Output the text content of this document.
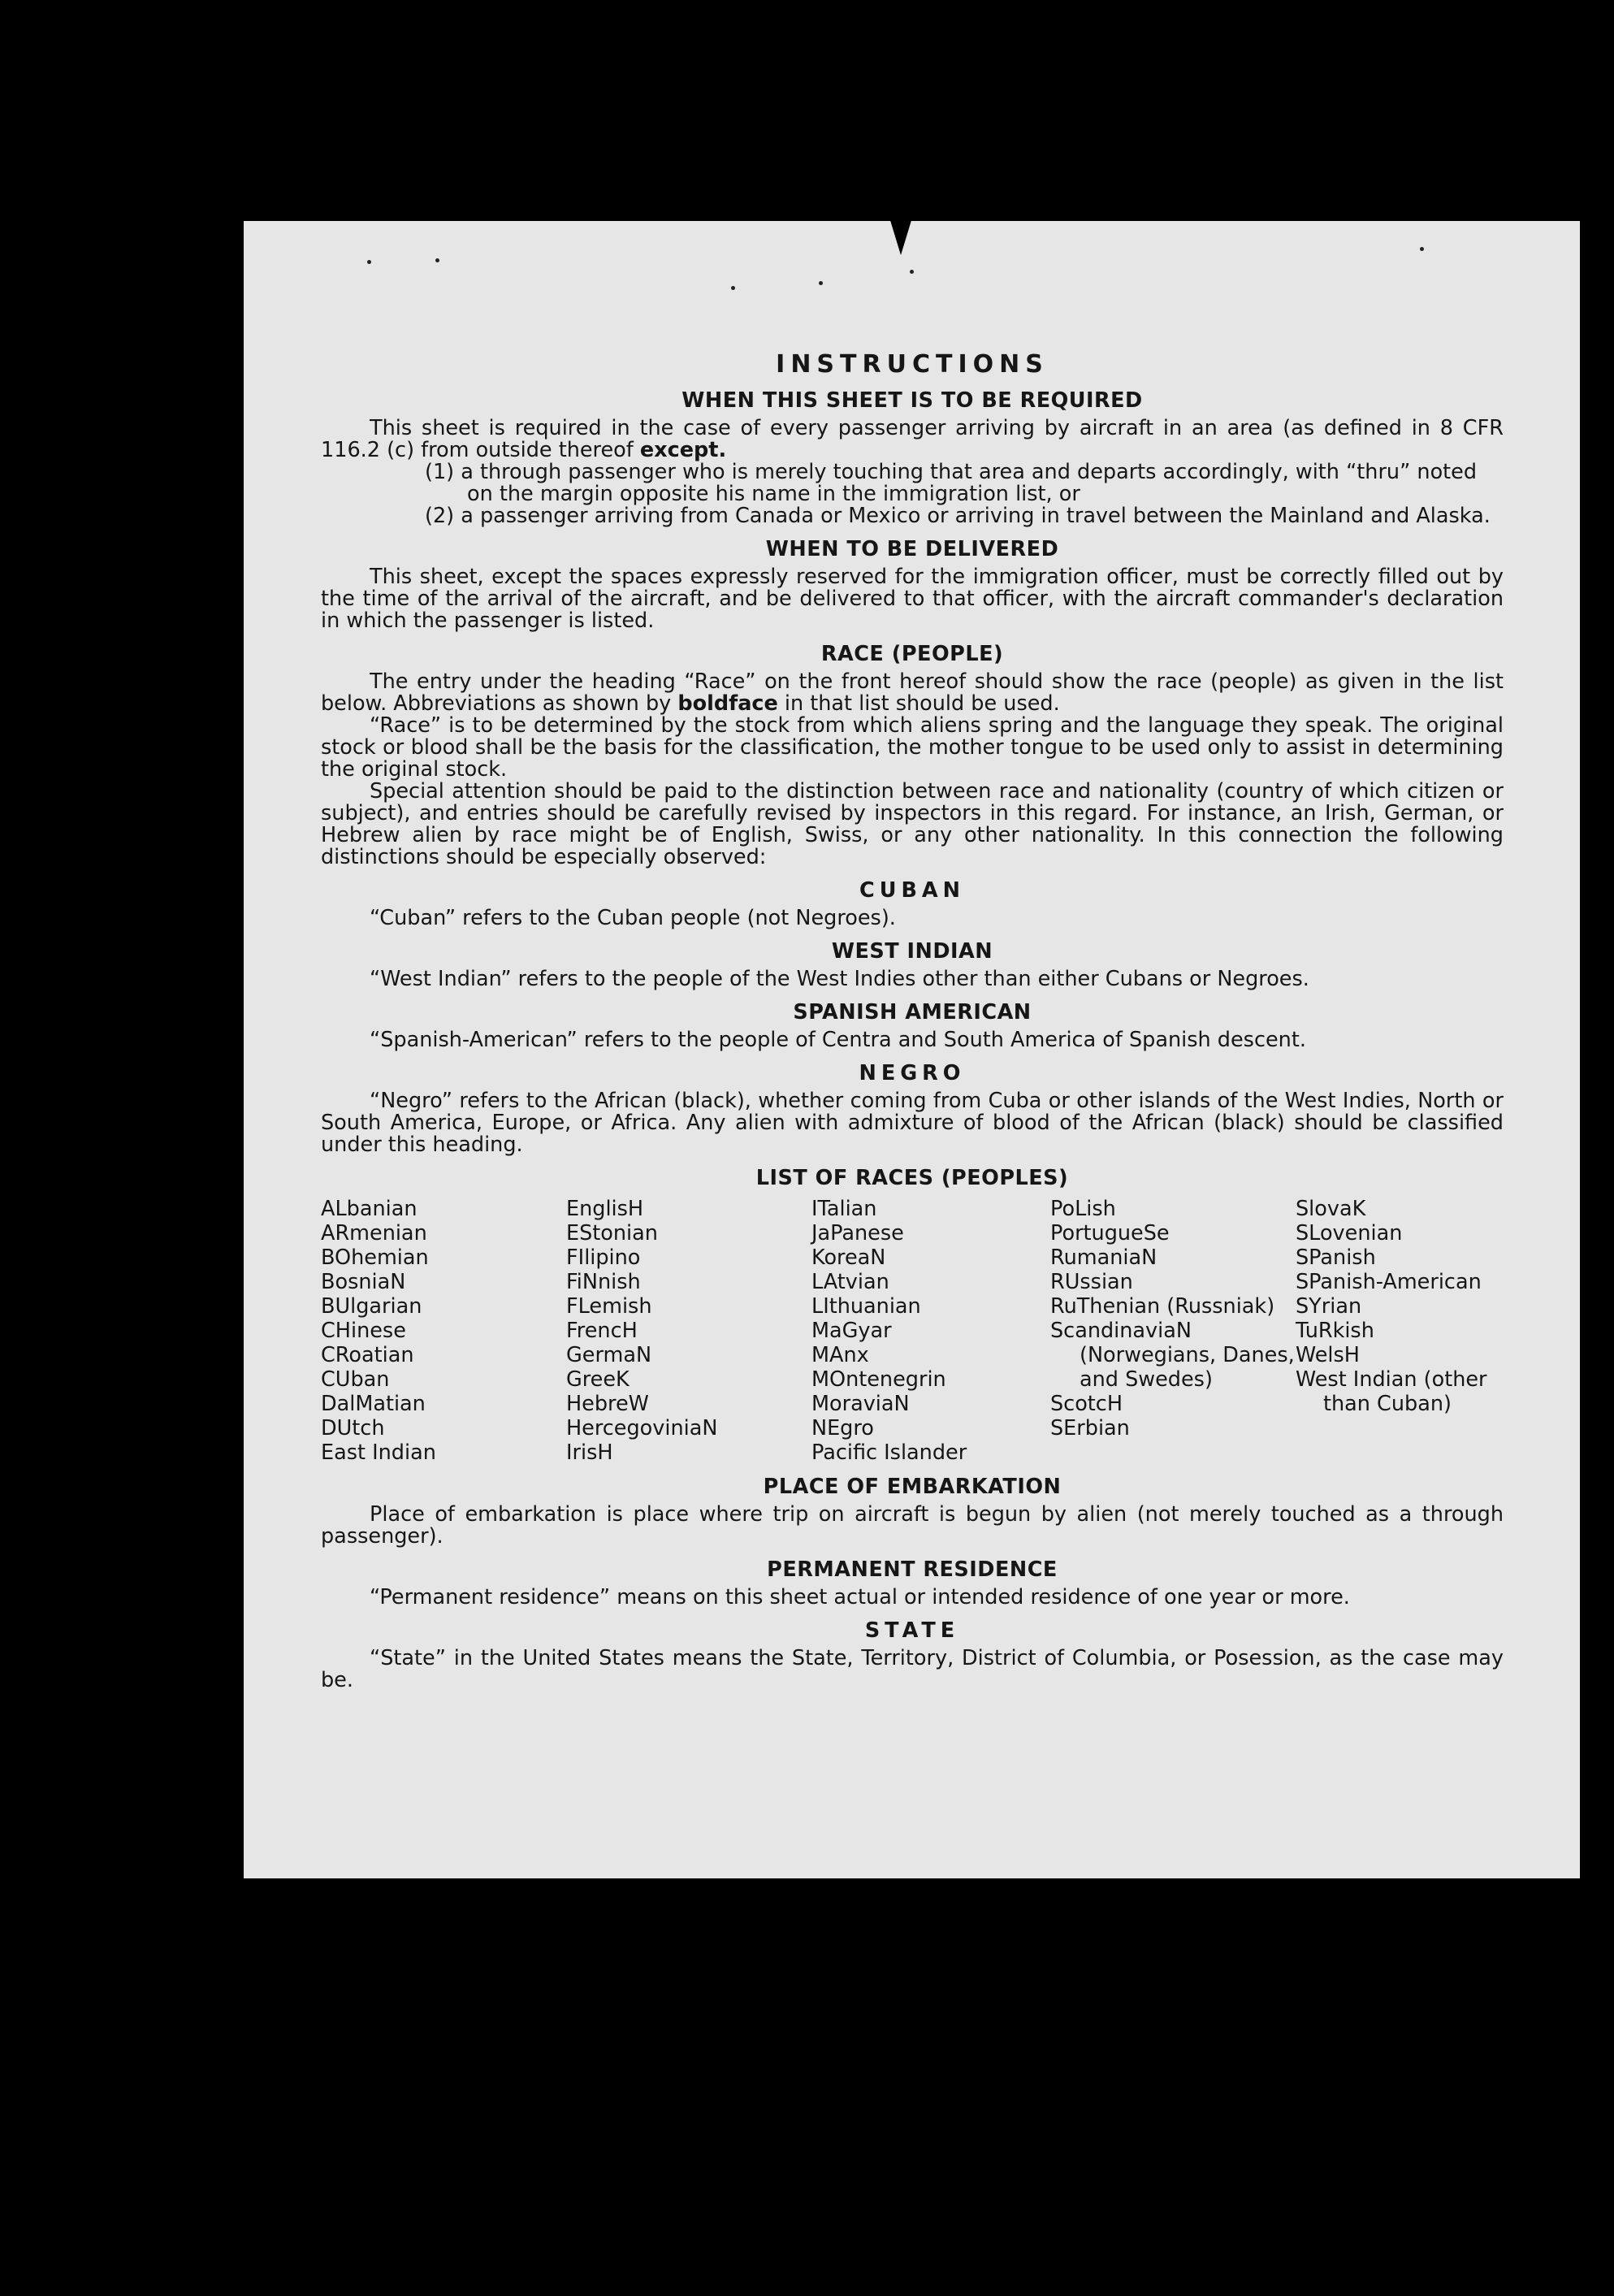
INSTRUCTIONS
WHEN THIS SHEET IS TO BE REQUIRED

This sheet is required in the case of every passenger arriving by aircraft in an area (as defined in 8 CFR 116.2 (c) from outside thereof except.

(1) a through passenger who is merely touching that area and departs accordingly, with “thru” noted on the margin opposite his name in the immigration list, or

(2) a passenger arriving from Canada or Mexico or arriving in travel between the Mainland and Alaska.

WHEN TO BE DELIVERED

This sheet, except the spaces expressly reserved for the immigration officer, must be correctly filled out by the time of the arrival of the aircraft, and be delivered to that officer, with the aircraft commander's declaration in which the passenger is listed.

RACE (PEOPLE)

The entry under the heading “Race” on the front hereof should show the race (people) as given in the list below. Abbreviations as shown by boldface in that list should be used.

“Race” is to be determined by the stock from which aliens spring and the language they speak. The original stock or blood shall be the basis for the classification, the mother tongue to be used only to assist in determining the original stock.

Special attention should be paid to the distinction between race and nationality (country of which citizen or subject), and entries should be carefully revised by inspectors in this regard. For instance, an Irish, German, or Hebrew alien by race might be of English, Swiss, or any other nationality. In this connection the following distinctions should be especially observed:

CUBAN

“Cuban” refers to the Cuban people (not Negroes).

WEST INDIAN

“West Indian” refers to the people of the West Indies other than either Cubans or Negroes.

SPANISH AMERICAN

“Spanish-American” refers to the people of Centra and South America of Spanish descent.

NEGRO

“Negro” refers to the African (black), whether coming from Cuba or other islands of the West Indies, North or South America, Europe, or Africa. Any alien with admixture of blood of the African (black) should be classified under this heading.

LIST OF RACES (PEOPLES)
ALbanian
ARmenian
BOhemian
BosniaN
BUlgarian
CHinese
CRoatian
CUban
DalMatian
DUtch
East Indian
EnglisH
EStonian
FIlipino
FiNnish
FLemish
FrencH
GermaN
GreeK
HebreW
HercegoviniaN
IrisH
ITalian
JaPanese
KoreaN
LAtvian
LIthuanian
MaGyar
MAnx
MOntenegrin
MoraviaN
NEgro
Pacific Islander
PoLish
PortugueSe
RumaniaN
RUssian
RuThenian (Russniak)
ScandinaviaN (Norwegians, Danes, and Swedes)
ScotcH
SErbian
SlovaK
SLovenian
SPanish
SPanish-American
SYrian
TuRkish
WelsH
West Indian (other than Cuban)
PLACE OF EMBARKATION

Place of embarkation is place where trip on aircraft is begun by alien (not merely touched as a through passenger).

PERMANENT RESIDENCE

“Permanent residence” means on this sheet actual or intended residence of one year or more.

STATE

“State” in the United States means the State, Territory, District of Columbia, or Posession, as the case may be.
